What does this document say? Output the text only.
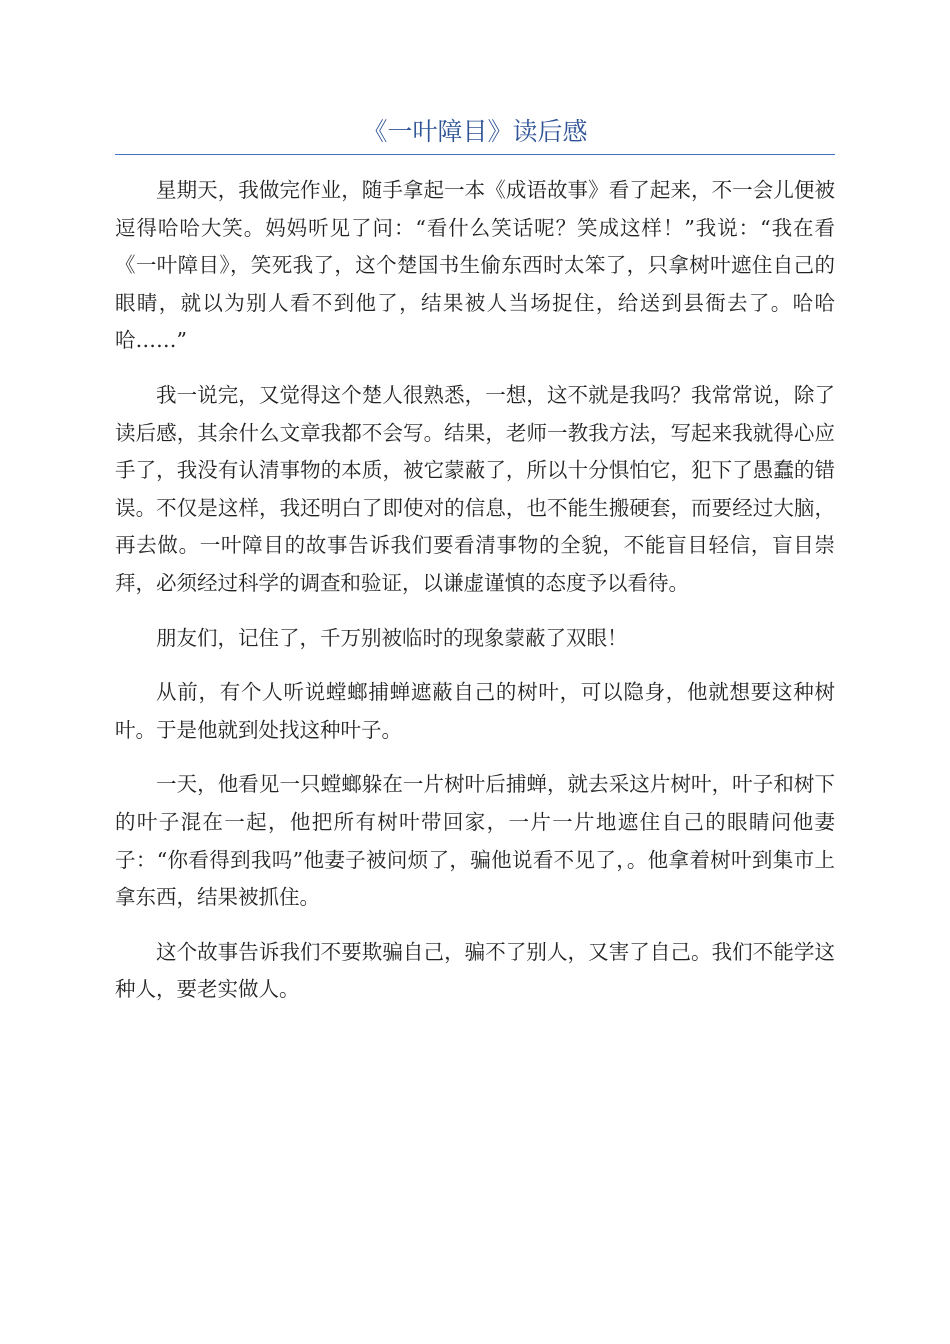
《一叶障目》读后感

星期天，我做完作业，随手拿起一本《成语故事》看了起来，不一会儿便被逗得哈哈大笑。妈妈听见了问：“看什么笑话呢？笑成这样！”我说：“我在看《一叶障目》，笑死我了，这个楚国书生偷东西时太笨了，只拿树叶遮住自己的眼睛，就以为别人看不到他了，结果被人当场捉住，给送到县衙去了。哈哈哈……”

我一说完，又觉得这个楚人很熟悉，一想，这不就是我吗？我常常说，除了读后感，其余什么文章我都不会写。结果，老师一教我方法，写起来我就得心应手了，我没有认清事物的本质，被它蒙蔽了，所以十分惧怕它，犯下了愚蠢的错误。不仅是这样，我还明白了即使对的信息，也不能生搬硬套，而要经过大脑，再去做。一叶障目的故事告诉我们要看清事物的全貌，不能盲目轻信，盲目崇拜，必须经过科学的调查和验证，以谦虚谨慎的态度予以看待。

朋友们，记住了，千万别被临时的现象蒙蔽了双眼！

从前，有个人听说螳螂捕蝉遮蔽自己的树叶，可以隐身，他就想要这种树叶。于是他就到处找这种叶子。

一天，他看见一只螳螂躲在一片树叶后捕蝉，就去采这片树叶，叶子和树下的叶子混在一起，他把所有树叶带回家，一片一片地遮住自己的眼睛问他妻子：“你看得到我吗”他妻子被问烦了，骗他说看不见了，。他拿着树叶到集市上拿东西，结果被抓住。

这个故事告诉我们不要欺骗自己，骗不了别人，又害了自己。我们不能学这种人，要老实做人。
